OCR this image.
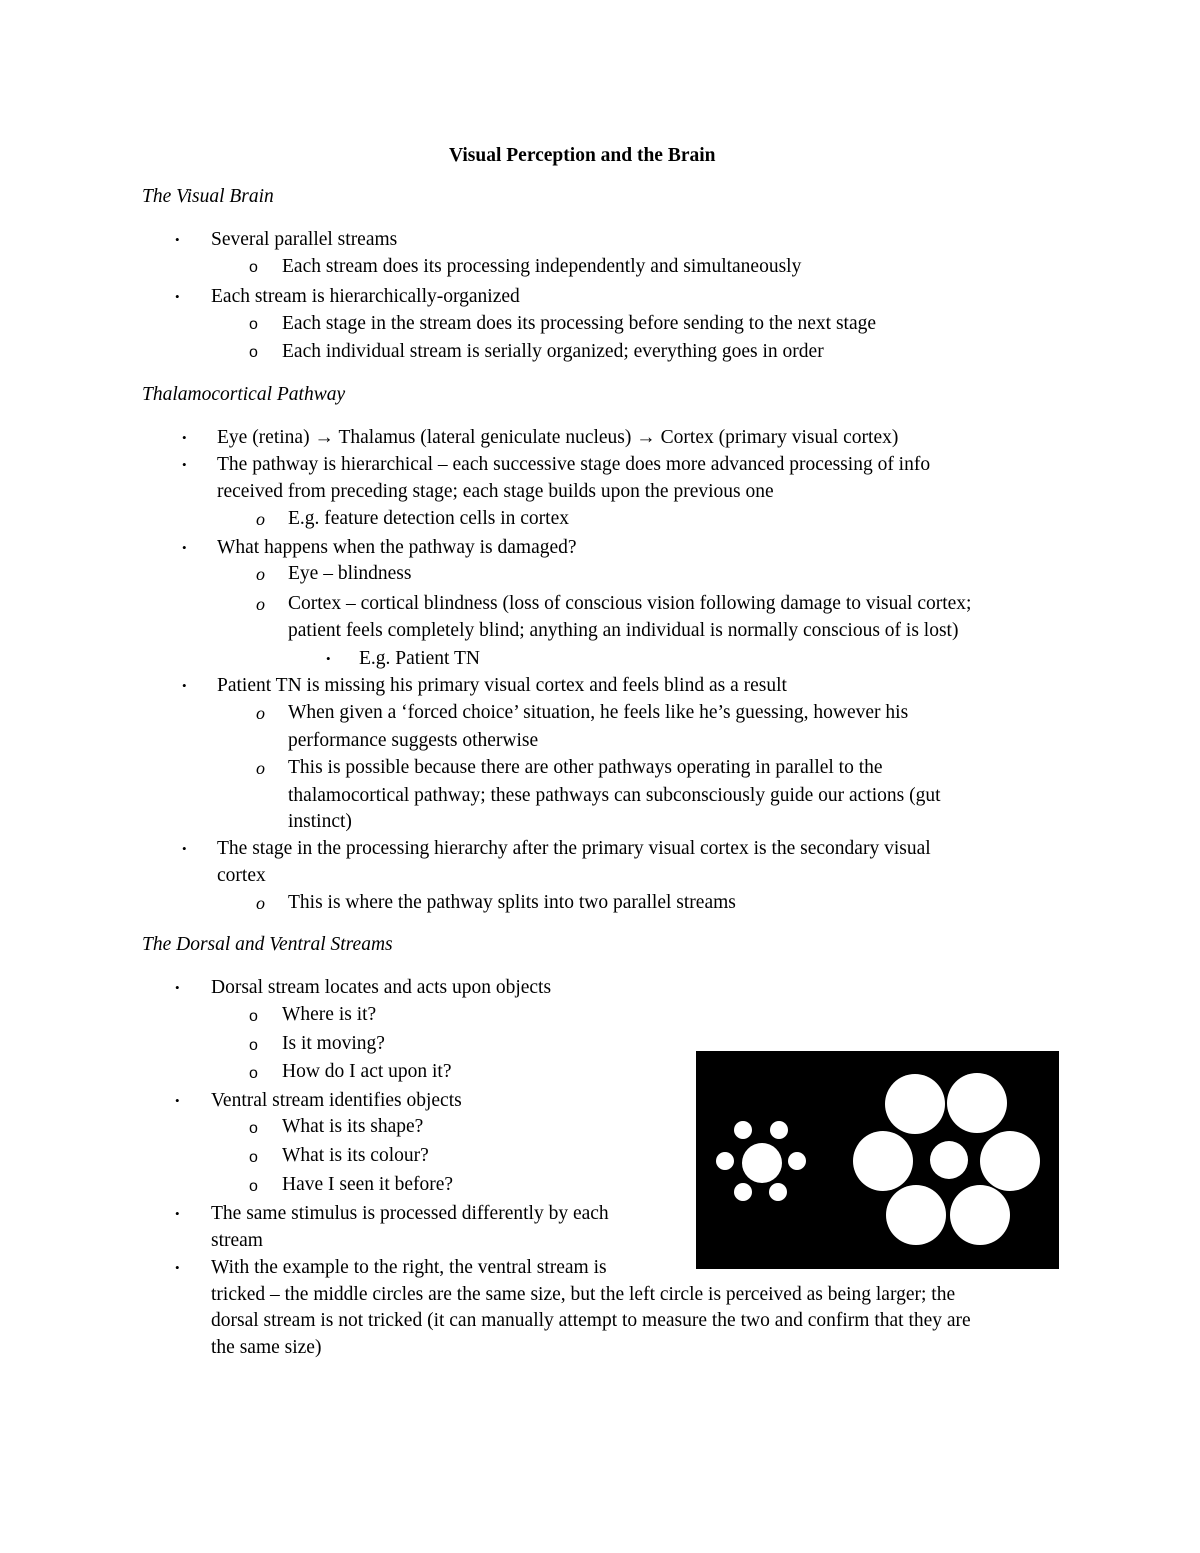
Visual Perception and the Brain
The Visual Brain
• Several parallel streams
o Each stream does its processing independently and simultaneously
• Each stream is hierarchically-organized
o Each stage in the stream does its processing before sending to the next stage
o Each individual stream is serially organized; everything goes in order
Thalamocortical Pathway
• Eye (retina) → Thalamus (lateral geniculate nucleus) → Cortex (primary visual cortex)
• The pathway is hierarchical – each successive stage does more advanced processing of info
received from preceding stage; each stage builds upon the previous one
o E.g. feature detection cells in cortex
• What happens when the pathway is damaged?
o Eye – blindness
o Cortex – cortical blindness (loss of conscious vision following damage to visual cortex;
patient feels completely blind; anything an individual is normally conscious of is lost)
• E.g. Patient TN
• Patient TN is missing his primary visual cortex and feels blind as a result
o When given a ‘forced choice’ situation, he feels like he’s guessing, however his
performance suggests otherwise
o This is possible because there are other pathways operating in parallel to the
thalamocortical pathway; these pathways can subconsciously guide our actions (gut
instinct)
• The stage in the processing hierarchy after the primary visual cortex is the secondary visual
cortex
o This is where the pathway splits into two parallel streams
The Dorsal and Ventral Streams
• Dorsal stream locates and acts upon objects
o Where is it?
o Is it moving?
o How do I act upon it?
• Ventral stream identifies objects
o What is its shape?
o What is its colour?
o Have I seen it before?
• The same stimulus is processed differently by each
stream
• With the example to the right, the ventral stream is
tricked – the middle circles are the same size, but the left circle is perceived as being larger; the
dorsal stream is not tricked (it can manually attempt to measure the two and confirm that they are
the same size)
